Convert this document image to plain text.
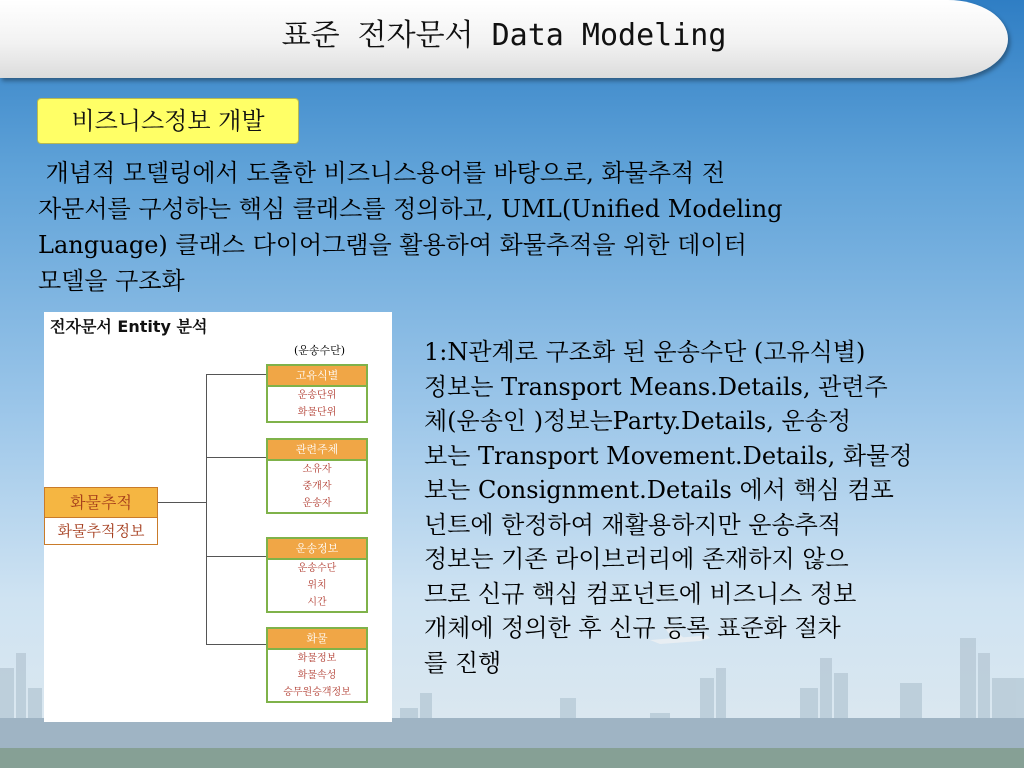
표준 전자문서 Data Modeling
비즈니스정보 개발
개념적 모델링에서 도출한 비즈니스용어를 바탕으로, 화물추적 전
자문서를 구성하는 핵심 클래스를 정의하고, UML(Unified Modeling
Language) 클래스 다이어그램을 활용하여 화물추적을 위한 데이터
모델을 구조화
전자문서 Entity 분석
(운송수단)
화물추적
화물추적정보
고유식별
운송단위
화물단위
관련주체
소유자
중개자
운송자
운송정보
운송수단
위치
시간
화물
화물정보
화물속성
승무원승객정보
1:N관계로 구조화 된 운송수단 (고유식별)
정보는 Transport Means.Details, 관련주
체(운송인 )정보는Party.Details, 운송정
보는 Transport Movement.Details, 화물정
보는 Consignment.Details 에서 핵심 컴포
넌트에 한정하여 재활용하지만 운송추적
정보는 기존 라이브러리에 존재하지 않으
므로 신규 핵심 컴포넌트에 비즈니스 정보
개체에 정의한 후 신규 등록 표준화 절차
를 진행
